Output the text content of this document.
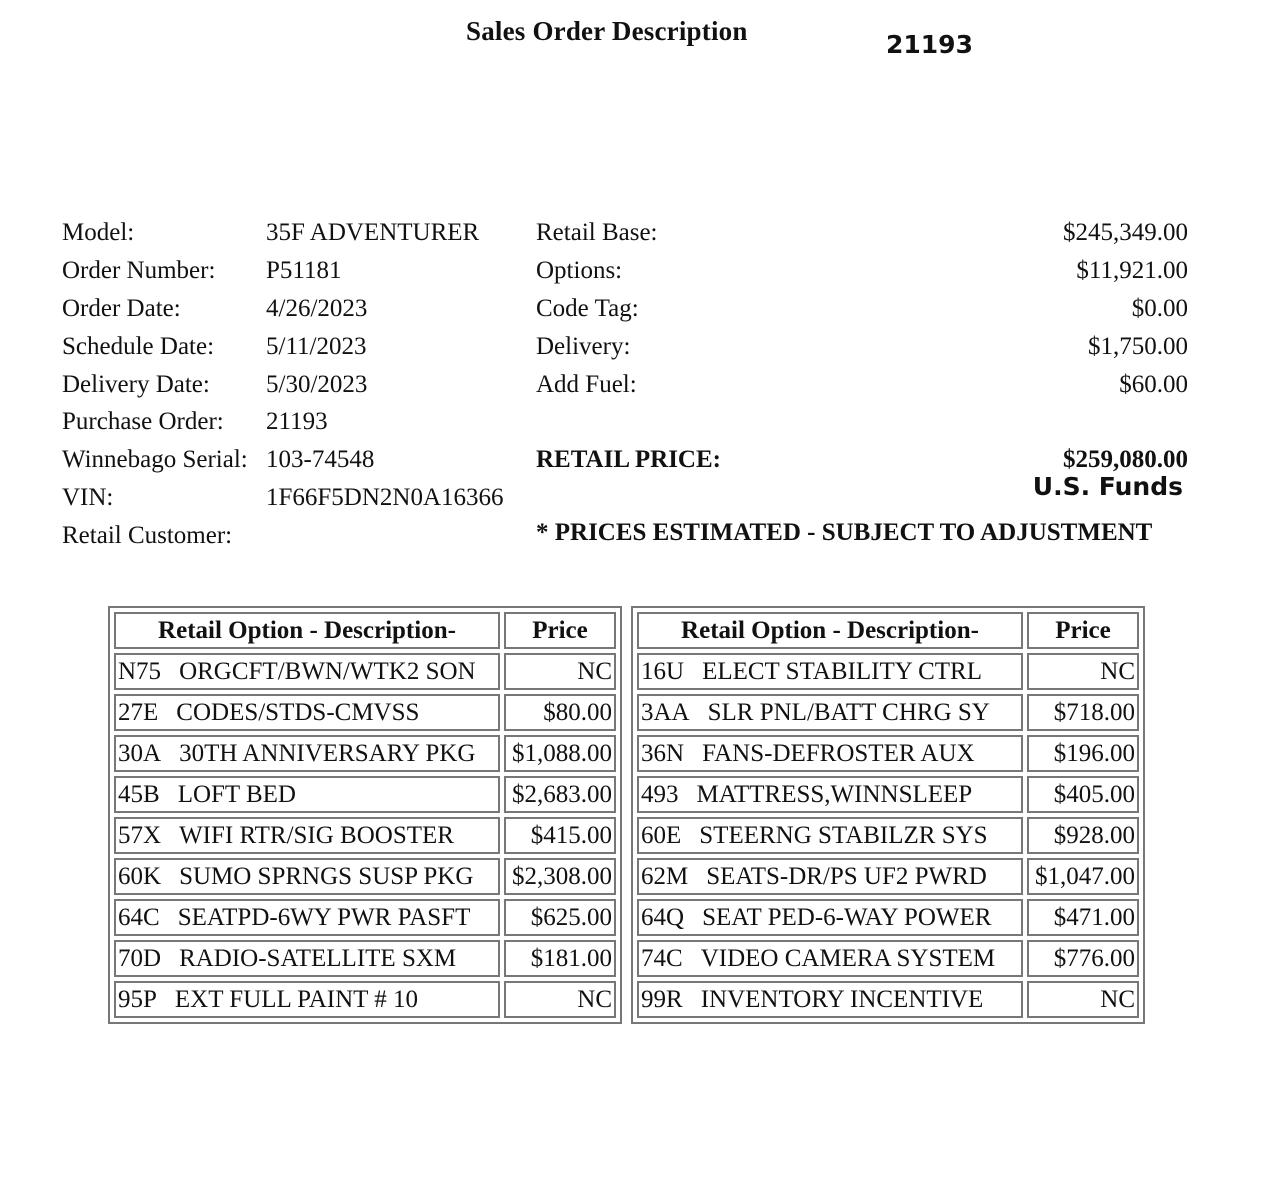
Sales Order Description	21193
Model:	35F ADVENTURER
Order Number: P51181
Order Date:	4/26/2023
Schedule Date: 5/11/2023
Delivery Date: 5/30/2023
Purchase Order: 21193
Winnebago Serial: 103-74548
VIN:	1F66F5DN2N0A16366
Retail Customer:
Retail Base:	$245,349.00
Options:	$11,921.00
Code Tag:	$0.00
Delivery:	$1,750.00
Add Fuel:	$60.00
RETAIL PRICE:	$259,080.00
U.S. Funds
* PRICES ESTIMATED - SUBJECT TO ADJUSTMENT
Retail Option - Description-	Price
N75 ORGCFT/BWN/WTK2 SON	NC
27E CODES/STDS-CMVSS	$80.00
30A 30TH ANNIVERSARY PKG	$1,088.00
45B LOFT BED	$2,683.00
57X WIFI RTR/SIG BOOSTER	$415.00
60K SUMO SPRNGS SUSP PKG	$2,308.00
64C SEATPD-6WY PWR PASFT	$625.00
70D RADIO-SATELLITE SXM	$181.00
95P EXT FULL PAINT # 10	NC
Retail Option - Description-	Price
16U ELECT STABILITY CTRL	NC
3AA SLR PNL/BATT CHRG SY	$718.00
36N FANS-DEFROSTER AUX	$196.00
493 MATTRESS,WINNSLEEP	$405.00
60E STEERNG STABILZR SYS	$928.00
62M SEATS-DR/PS UF2 PWRD	$1,047.00
64Q SEAT PED-6-WAY POWER	$471.00
74C VIDEO CAMERA SYSTEM	$776.00
99R INVENTORY INCENTIVE	NC
